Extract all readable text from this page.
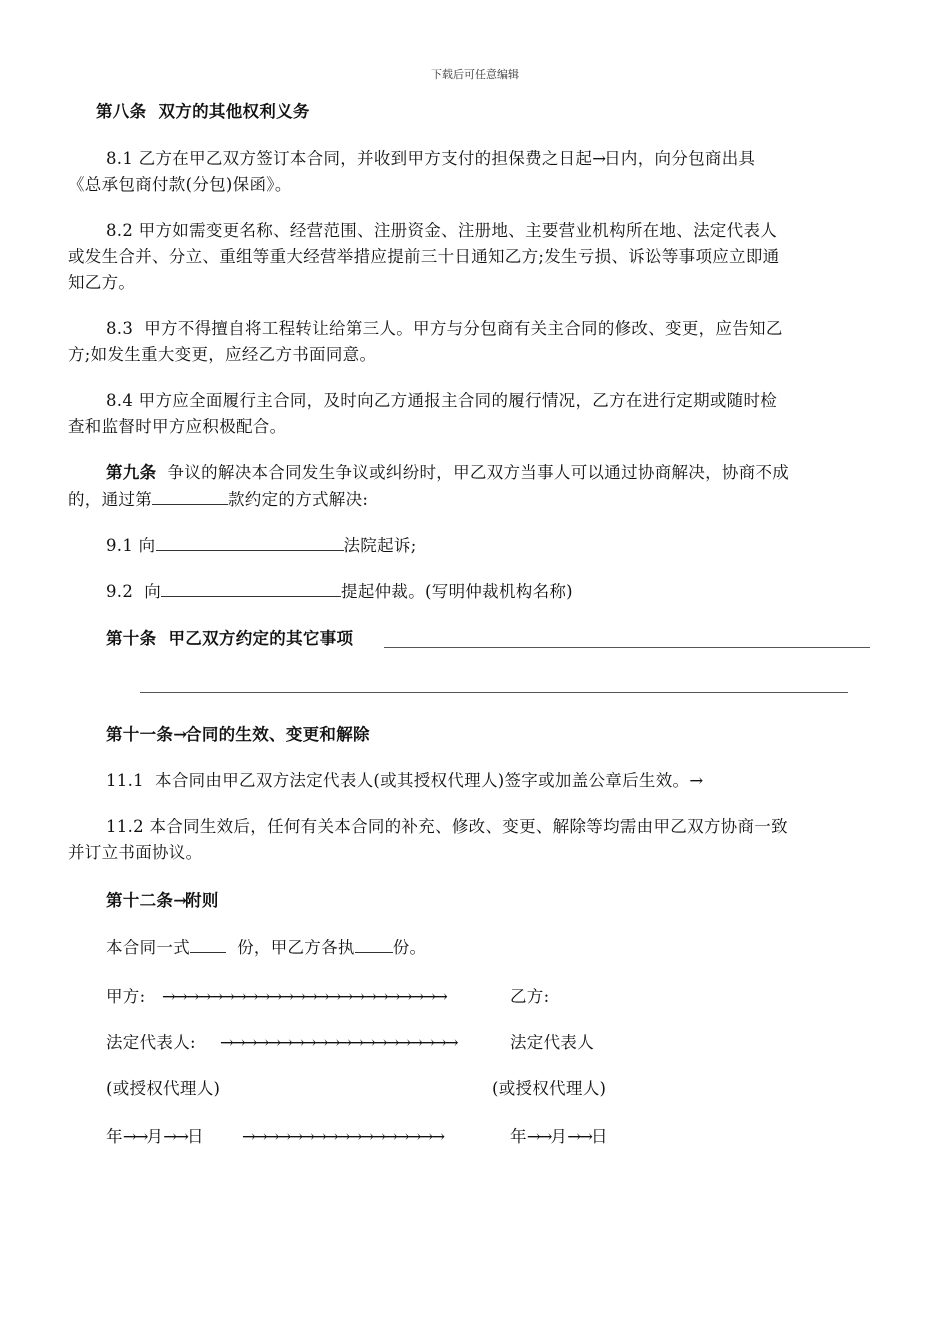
下载后可任意编辑
第八条  双方的其他权利义务
8.1 乙方在甲乙双方签订本合同，并收到甲方支付的担保费之日起→日内，向分包商出具
《总承包商付款(分包)保函》。
8.2 甲方如需变更名称、经营范围、注册资金、注册地、主要营业机构所在地、法定代表人
或发生合并、分立、重组等重大经营举措应提前三十日通知乙方;发生亏损、诉讼等事项应立即通
知乙方。
8.3  甲方不得擅自将工程转让给第三人。甲方与分包商有关主合同的修改、变更，应告知乙
方;如发生重大变更，应经乙方书面同意。
8.4 甲方应全面履行主合同，及时向乙方通报主合同的履行情况，乙方在进行定期或随时检
查和监督时甲方应积极配合。
第九条  争议的解决本合同发生争议或纠纷时，甲乙双方当事人可以通过协商解决，协商不成
的，通过第	款约定的方式解决:
9.1 向	法院起诉;
9.2  向	提起仲裁。(写明仲裁机构名称)
第十条  甲乙双方约定的其它事项
第十一条→合同的生效、变更和解除
11.1  本合同由甲乙双方法定代表人(或其授权代理人)签字或加盖公章后生效。→
11.2 本合同生效后，任何有关本合同的补充、修改、变更、解除等均需由甲乙双方协商一致
并订立书面协议。
第十二条→附则
本合同一式  份，甲乙方各执 份。
甲方: →→→→→→→→→→→→→→→→→→→→→→→→	乙方:
法定代表人: →→→→→→→→→→→→→→→→→→→→	法定代表人
(或授权代理人)	(或授权代理人)
年→→月→→日 →→→→→→→→→→→→→→→→→	年→→月→→日
